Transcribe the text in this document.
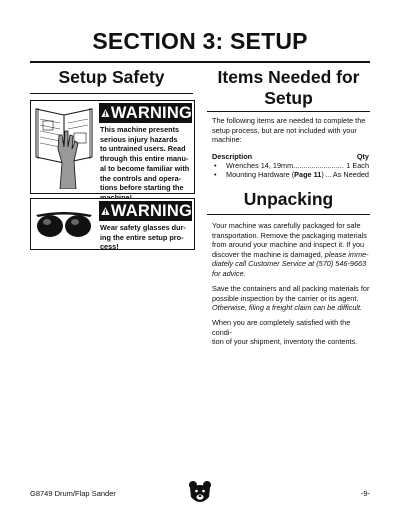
SECTION 3: SETUP
Setup Safety
WARNING
This machine presents
serious injury hazards
to untrained users. Read
through this entire manu-
al to become familiar with
the controls and opera-
tions before starting the
WARNING
Wear safety glasses dur-
ing the entire setup pro-
cess!
Items Needed for
Setup
The following items are needed to complete the
setup process, but are not included with your
machine:
Description	Qty
• Wrenches 14, 19mm......................... 1 Each
• Mounting Hardware (Page 11) ... As Needed
Unpacking
Your machine was carefully packaged for safe
transportation. Remove the packaging materials
from around your machine and inspect it. If you
discover the machine is damaged, please imme-
diately call Customer Service at (570) 546-9663
for advice.
Save the containers and all packing materials for
possible inspection by the carrier or its agent.
Otherwise, filing a freight claim can be difficult.
When you are completely satisfied with the condi-
tion of your shipment, inventory the contents.
G8749 Drum/Flap Sander	-9-
